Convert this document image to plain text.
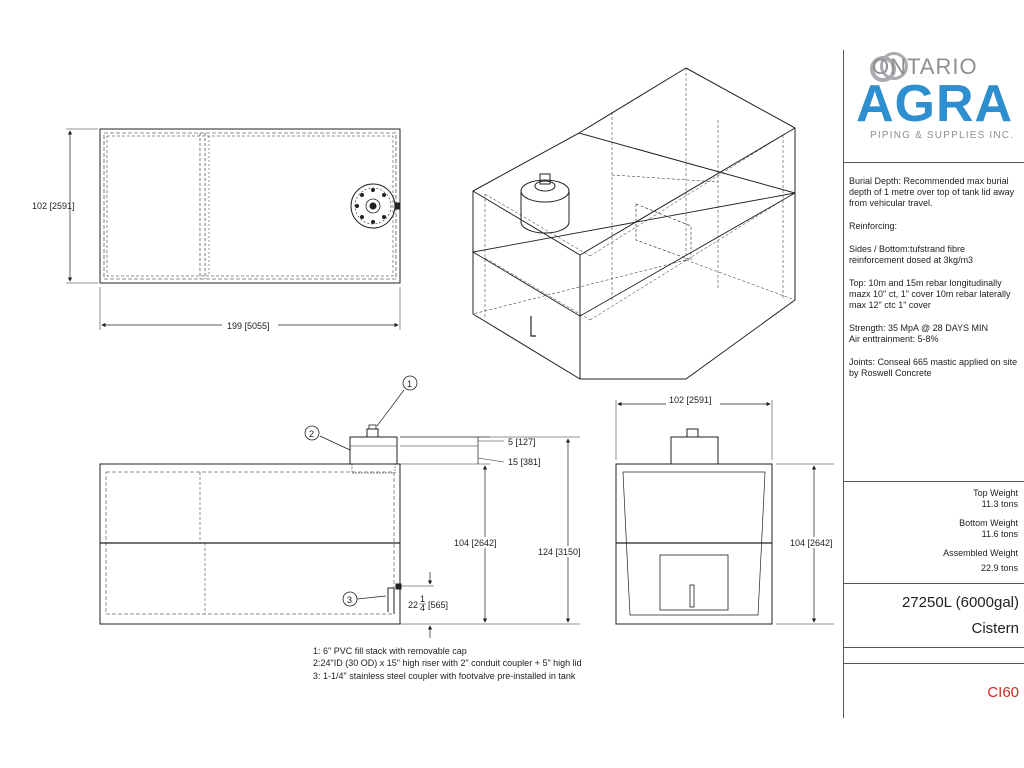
102 [2591]
199 [5055]
1
2
3
5 [127]
15 [381]
104 [2642]
124 [3150]
22
1
4 [565]
102 [2591]
104 [2642]
1: 6" PVC fill stack with removable cap
2:24"ID (30 OD) x 15" high riser with 2" conduit coupler + 5" high lid
3: 1-1/4" stainless steel coupler with footvalve pre-installed in tank
ONTARIO
AGRA
PIPING & SUPPLIES INC.

Burial Depth: Recommended max burial depth of 1 metre over top of tank lid away from vehicular travel.

Reinforcing:

Sides / Bottom:tufstrand fibre reinforcement dosed at 3kg/m3

Top: 10m and 15m rebar longitudinally mazx 10" ct, 1" cover 10m rebar laterally max 12" ctc 1" cover

Strength: 35 MpA @ 28 DAYS MIN

Air enttrainment: 5-8%

Joints: Conseal 665 mastic applied on site by Roswell Concrete

Top Weight
11.3 tons
Bottom Weight
11.6 tons
Assembled Weight
22.9 tons
27250L (6000gal)
Cistern
CI60
